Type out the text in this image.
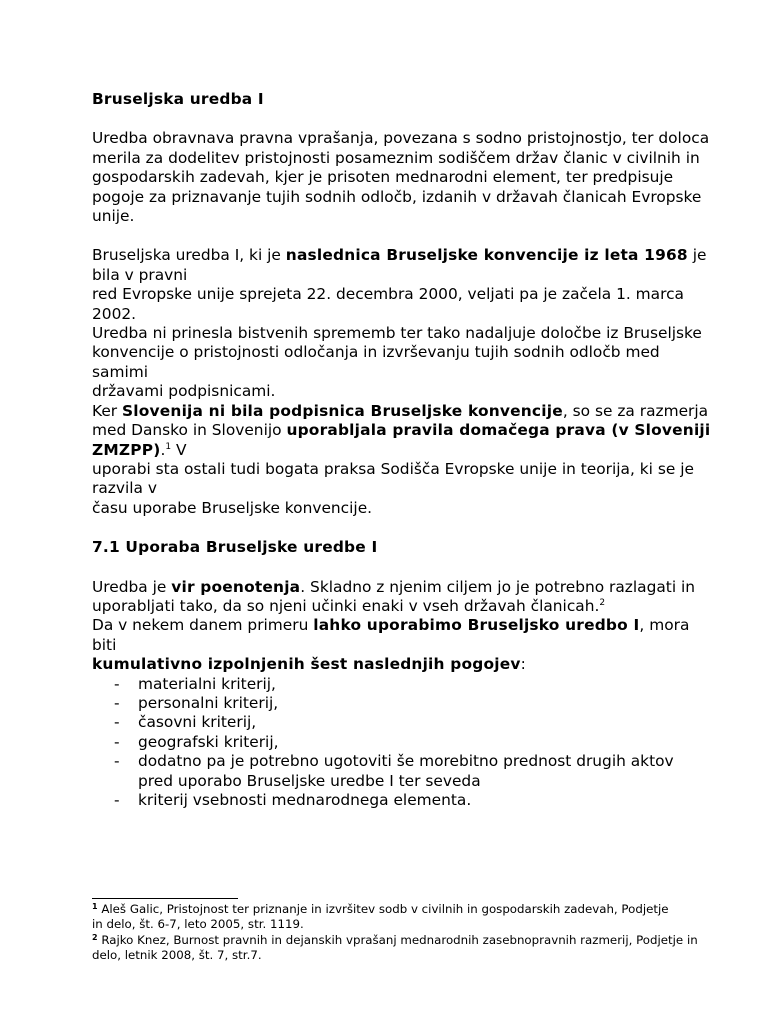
Bruseljska uredba I

Uredba obravnava pravna vprašanja, povezana s sodno pristojnostjo, ter doloca merila za dodelitev pristojnosti posameznim sodiščem držav članic v civilnih in gospodarskih zadevah, kjer je prisoten mednarodni element, ter predpisuje pogoje za priznavanje tujih sodnih odločb, izdanih v državah članicah Evropske unije.

Bruseljska uredba I, ki je naslednica Bruseljske konvencije iz leta 1968 je bila v pravni

red Evropske unije sprejeta 22. decembra 2000, veljati pa je začela 1. marca 2002.

Uredba ni prinesla bistvenih sprememb ter tako nadaljuje določbe iz Bruseljske

konvencije o pristojnosti odločanja in izvrševanju tujih sodnih odločb med samimi

državami podpisnicami.

Ker Slovenija ni bila podpisnica Bruseljske konvencije, so se za razmerja

med Dansko in Slovenijo uporabljala pravila domačega prava (v Sloveniji ZMZPP).$^1$ V

uporabi sta ostali tudi bogata praksa Sodišča Evropske unije in teorija, ki se je razvila v

času uporabe Bruseljske konvencije.

7.1 Uporaba Bruseljske uredbe I

Uredba je vir poenotenja. Skladno z njenim ciljem jo je potrebno razlagati in uporabljati tako, da so njeni učinki enaki v vseh državah članicah.$^2$

Da v nekem danem primeru lahko uporabimo Bruseljsko uredbo I, mora biti

kumulativno izpolnjenih šest naslednjih pogojev:

- materialni kriterij,
- personalni kriterij,
- časovni kriterij,
- geografski kriterij,
- dodatno pa je potrebno ugotoviti še morebitno prednost drugih aktov pred uporabo Bruseljske uredbe I ter seveda
- kriterij vsebnosti mednarodnega elementa.
$^1$ Aleš Galic, Pristojnost ter priznanje in izvršitev sodb v civilnih in gospodarskih zadevah, Podjetje
in delo, št. 6-7, leto 2005, str. 1119.
$^2$ Rajko Knez, Burnost pravnih in dejanskih vprašanj mednarodnih zasebnopravnih razmerij, Podjetje in
delo, letnik 2008, št. 7, str.7.
